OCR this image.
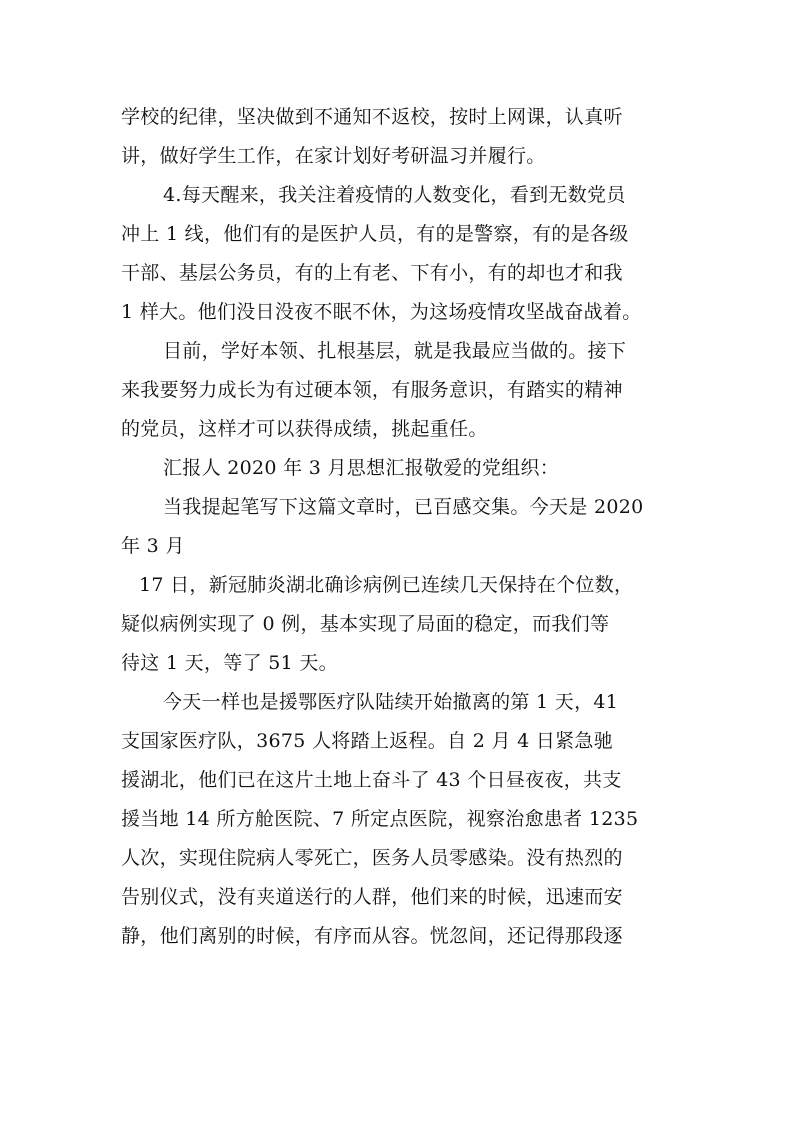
学校的纪律，坚决做到不通知不返校，按时上网课，认真听
讲，做好学生工作，在家计划好考研温习并履行。
4.每天醒来，我关注着疫情的人数变化，看到无数党员
冲上 1 线，他们有的是医护人员，有的是警察，有的是各级
干部、基层公务员，有的上有老、下有小，有的却也才和我
1 样大。他们没日没夜不眠不休，为这场疫情攻坚战奋战着。
目前，学好本领、扎根基层，就是我最应当做的。接下
来我要努力成长为有过硬本领，有服务意识，有踏实的精神
的党员，这样才可以获得成绩，挑起重任。
汇报人 2020 年 3 月思想汇报敬爱的党组织：
当我提起笔写下这篇文章时，已百感交集。今天是 2020
年 3 月
17 日，新冠肺炎湖北确诊病例已连续几天保持在个位数，
疑似病例实现了 0 例，基本实现了局面的稳定，而我们等
待这 1 天，等了 51 天。
今天一样也是援鄂医疗队陆续开始撤离的第 1 天，41
支国家医疗队，3675 人将踏上返程。自 2 月 4 日紧急驰
援湖北，他们已在这片土地上奋斗了 43 个日昼夜夜，共支
援当地 14 所方舱医院、7 所定点医院，视察治愈患者 1235
人次，实现住院病人零死亡，医务人员零感染。没有热烈的
告别仪式，没有夹道送行的人群，他们来的时候，迅速而安
静，他们离别的时候，有序而从容。恍忽间，还记得那段逐
